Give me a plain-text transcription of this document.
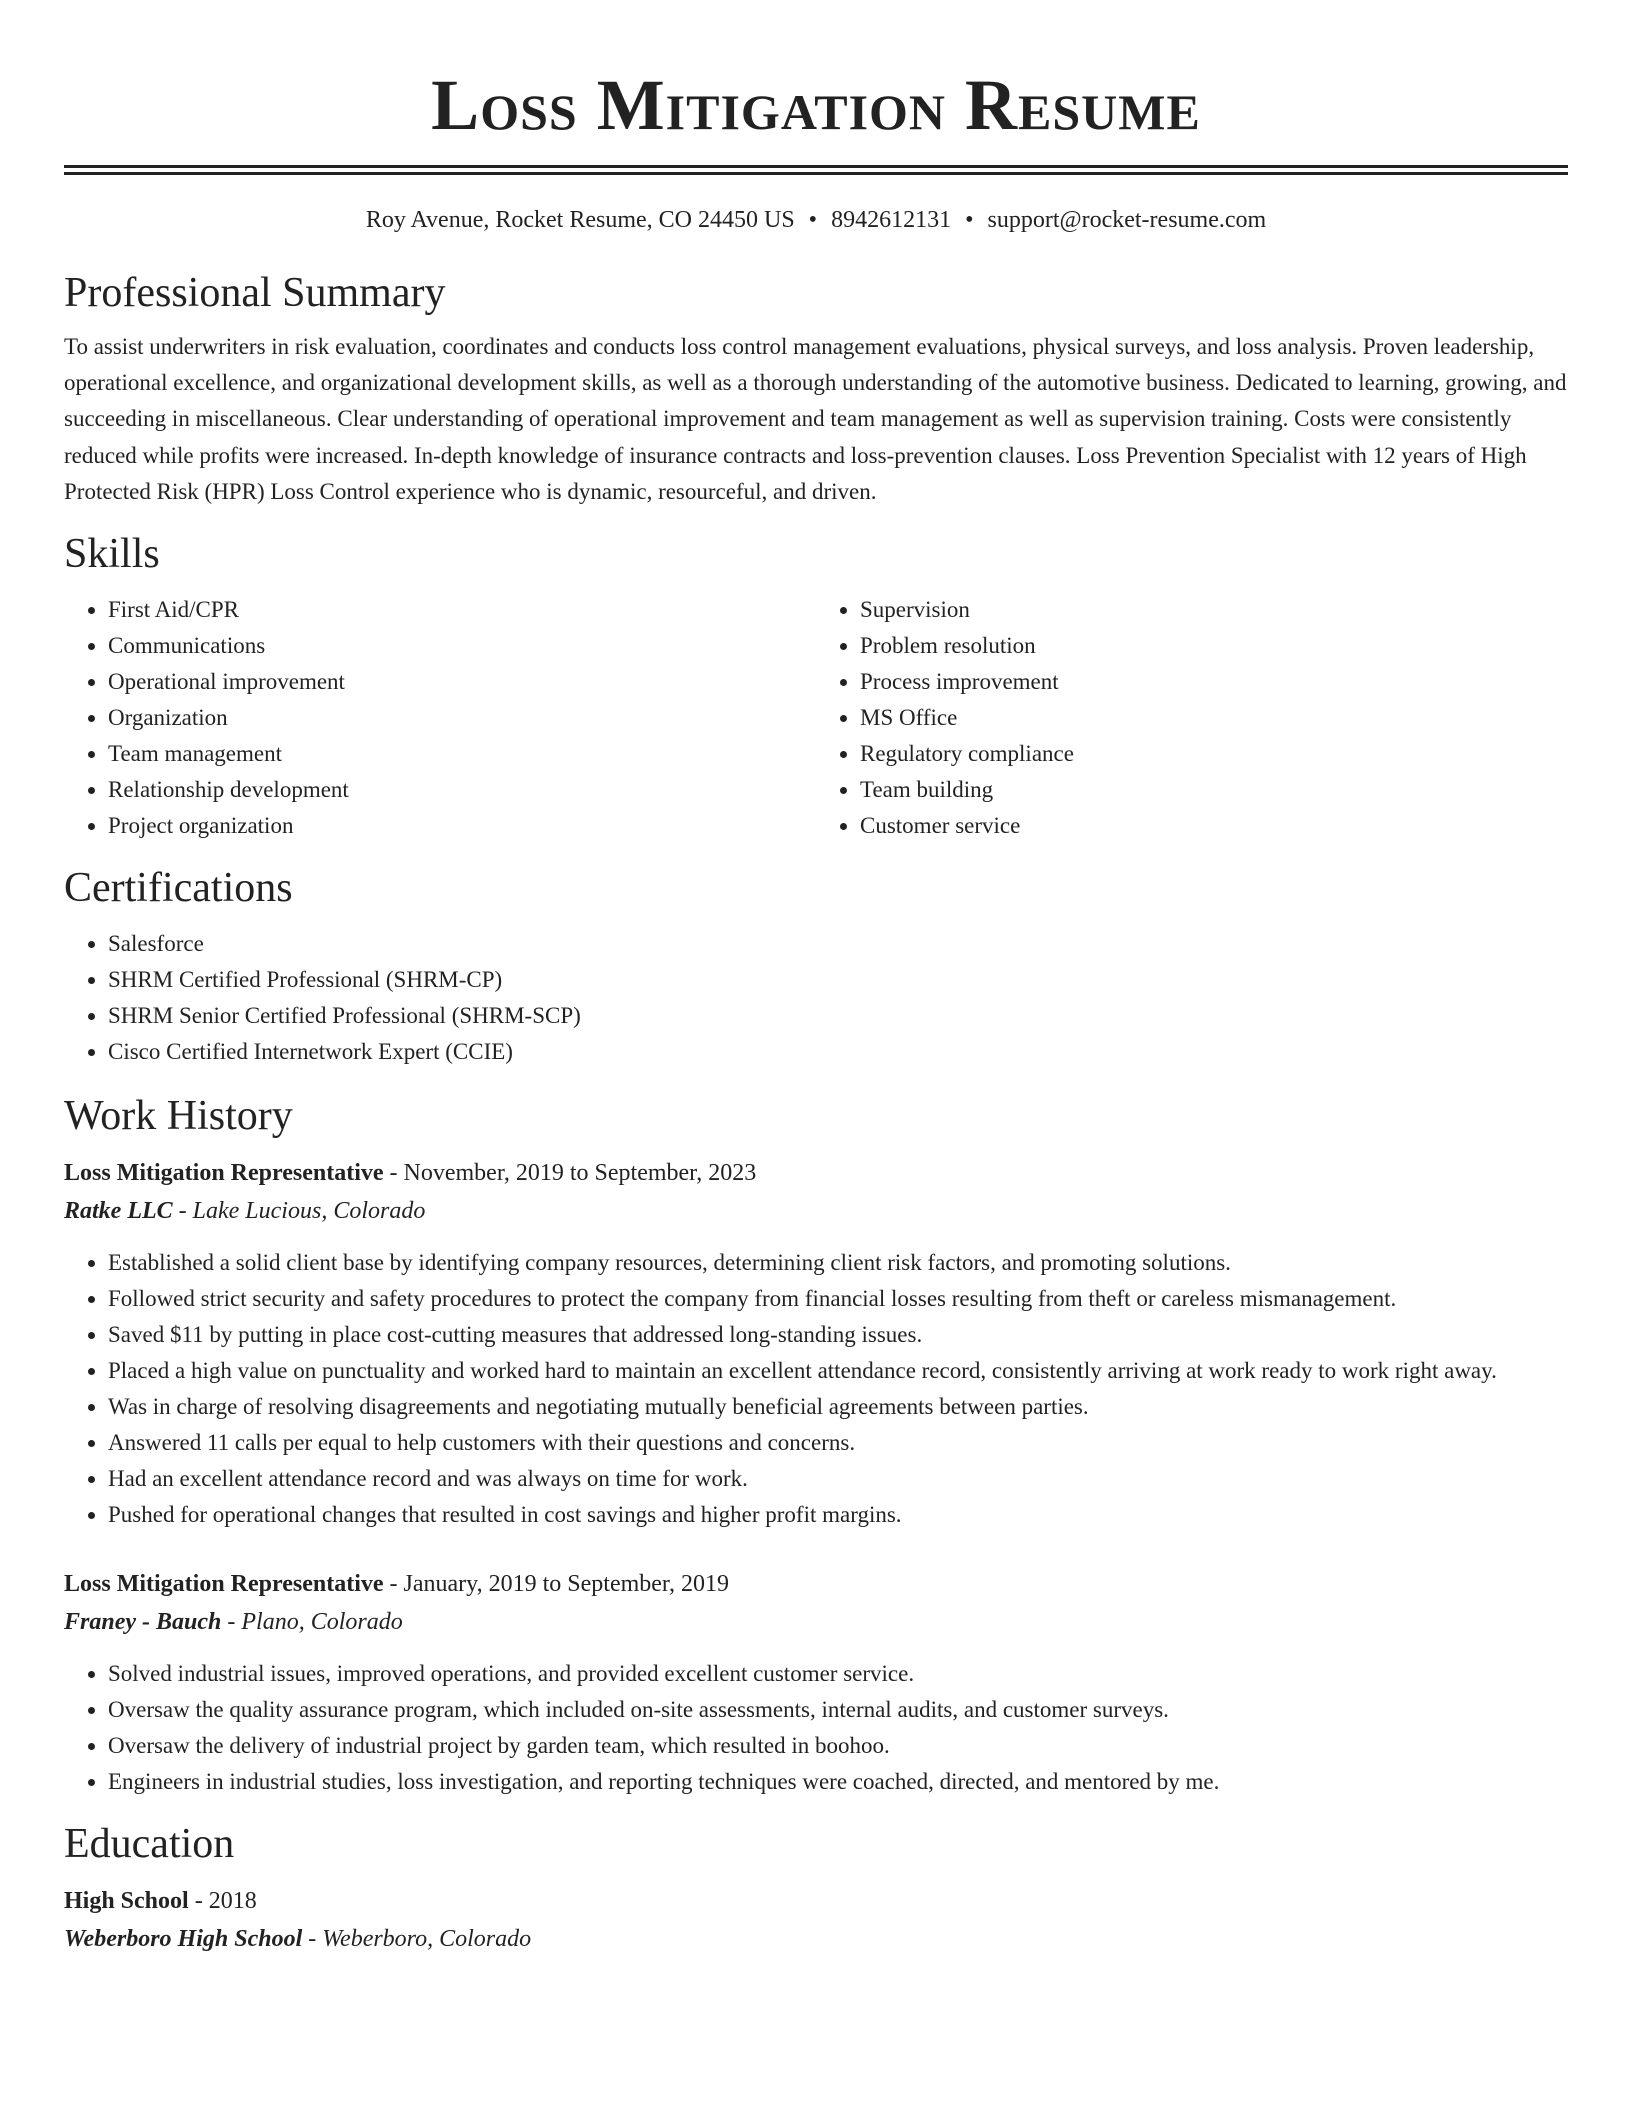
Loss Mitigation Resume
Roy Avenue, Rocket Resume, CO 24450 US • 8942612131 • support@rocket-resume.com
Professional Summary

To assist underwriters in risk evaluation, coordinates and conducts loss control management evaluations, physical surveys, and loss analysis. Proven leadership, operational excellence, and organizational development skills, as well as a thorough understanding of the automotive business. Dedicated to learning, growing, and succeeding in miscellaneous. Clear understanding of operational improvement and team management as well as supervision training. Costs were consistently reduced while profits were increased. In-depth knowledge of insurance contracts and loss-prevention clauses. Loss Prevention Specialist with 12 years of High Protected Risk (HPR) Loss Control experience who is dynamic, resourceful, and driven.

Skills
• First Aid/CPR
• Communications
• Operational improvement
• Organization
• Team management
• Relationship development
• Project organization
• Supervision
• Problem resolution
• Process improvement
• MS Office
• Regulatory compliance
• Team building
• Customer service
Certifications
• Salesforce
• SHRM Certified Professional (SHRM-CP)
• SHRM Senior Certified Professional (SHRM-SCP)
• Cisco Certified Internetwork Expert (CCIE)
Work History
Loss Mitigation Representative - November, 2019 to September, 2023
Ratke LLC - Lake Lucious, Colorado
• Established a solid client base by identifying company resources, determining client risk factors, and promoting solutions.
• Followed strict security and safety procedures to protect the company from financial losses resulting from theft or careless mismanagement.
• Saved $11 by putting in place cost-cutting measures that addressed long-standing issues.
• Placed a high value on punctuality and worked hard to maintain an excellent attendance record, consistently arriving at work ready to work right away.
• Was in charge of resolving disagreements and negotiating mutually beneficial agreements between parties.
• Answered 11 calls per equal to help customers with their questions and concerns.
• Had an excellent attendance record and was always on time for work.
• Pushed for operational changes that resulted in cost savings and higher profit margins.
Loss Mitigation Representative - January, 2019 to September, 2019
Franey - Bauch - Plano, Colorado
• Solved industrial issues, improved operations, and provided excellent customer service.
• Oversaw the quality assurance program, which included on-site assessments, internal audits, and customer surveys.
• Oversaw the delivery of industrial project by garden team, which resulted in boohoo.
• Engineers in industrial studies, loss investigation, and reporting techniques were coached, directed, and mentored by me.
Education
High School - 2018
Weberboro High School - Weberboro, Colorado
